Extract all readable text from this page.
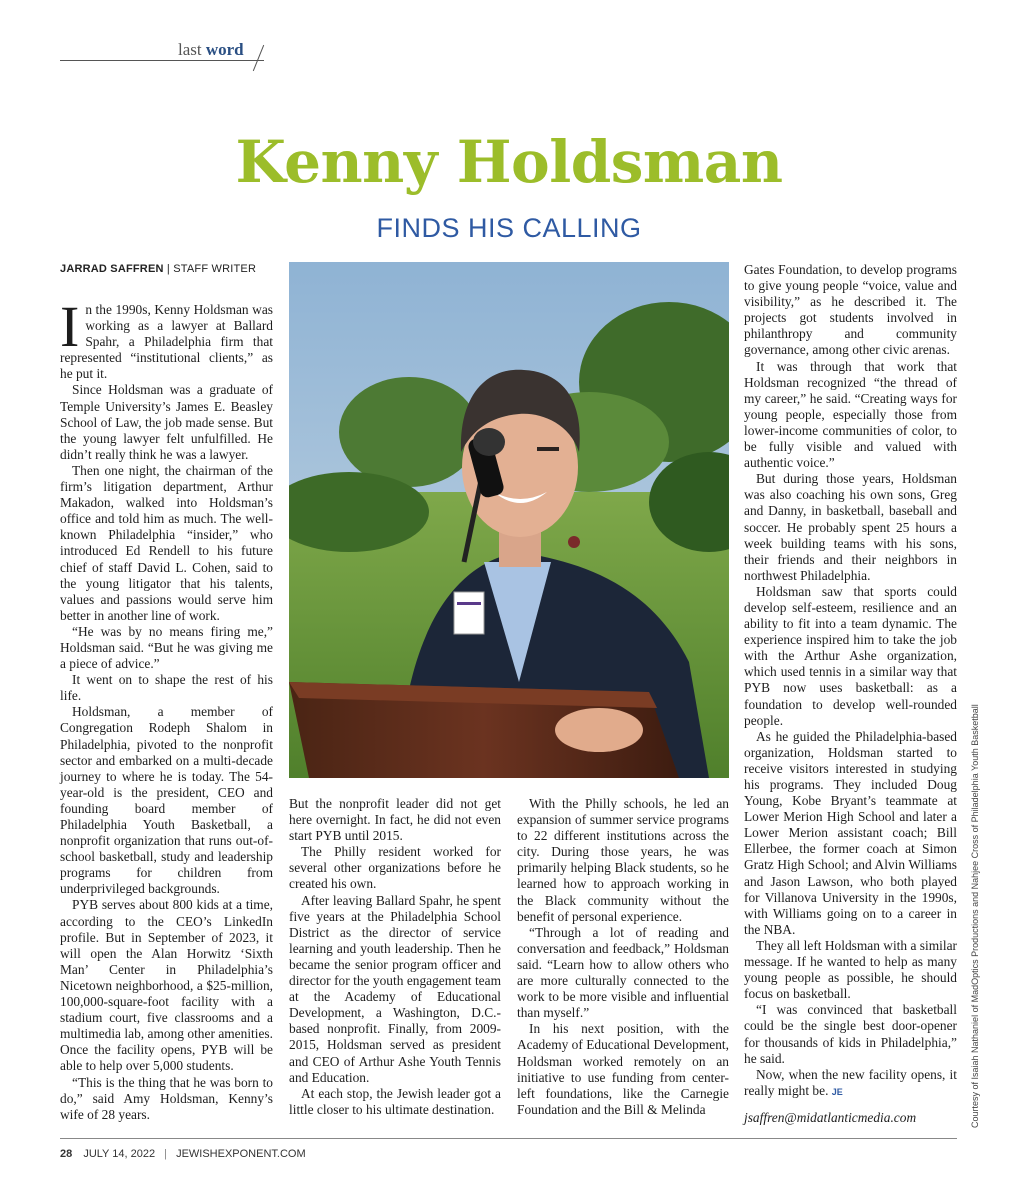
last word
Kenny Holdsman
FINDS HIS CALLING
JARRAD SAFFREN | STAFF WRITER

In the 1990s, Kenny Holdsman was working as a lawyer at Ballard Spahr, a Philadelphia firm that represented “institutional clients,” as he put it.

Since Holdsman was a graduate of Temple University’s James E. Beasley School of Law, the job made sense. But the young lawyer felt unfulfilled. He didn’t really think he was a lawyer.

Then one night, the chairman of the firm’s litigation department, Arthur Makadon, walked into Holdsman’s office and told him as much. The well-known Philadelphia “insider,” who introduced Ed Rendell to his future chief of staff David L. Cohen, said to the young litigator that his talents, values and passions would serve him better in another line of work.

“He was by no means firing me,” Holdsman said. “But he was giving me a piece of advice.”

It went on to shape the rest of his life.

Holdsman, a member of Congregation Rodeph Shalom in Philadelphia, pivoted to the nonprofit sector and embarked on a multi-decade journey to where he is today. The 54-year-old is the president, CEO and founding board member of Philadelphia Youth Basketball, a nonprofit organization that runs out-of-school basketball, study and leadership programs for children from underprivileged backgrounds.

PYB serves about 800 kids at a time, according to the CEO’s LinkedIn profile. But in September of 2023, it will open the Alan Horwitz ‘Sixth Man’ Center in Philadelphia’s Nicetown neighborhood, a $25-million, 100,000-square-foot facility with a stadium court, five classrooms and a multimedia lab, among other amenities. Once the facility opens, PYB will be able to help over 5,000 students.

“This is the thing that he was born to do,” said Amy Holdsman, Kenny’s wife of 28 years.

But the nonprofit leader did not get here overnight. In fact, he did not even start PYB until 2015.

The Philly resident worked for several other organizations before he created his own.

After leaving Ballard Spahr, he spent five years at the Philadelphia School District as the director of service learning and youth leadership. Then he became the senior program officer and director for the youth engagement team at the Academy of Educational Development, a Washington, D.C.-based nonprofit. Finally, from 2009-2015, Holdsman served as president and CEO of Arthur Ashe Youth Tennis and Education.

At each stop, the Jewish leader got a little closer to his ultimate destination.

With the Philly schools, he led an expansion of summer service programs to 22 different institutions across the city. During those years, he was primarily helping Black students, so he learned how to approach working in the Black community without the benefit of personal experience.

“Through a lot of reading and conversation and feedback,” Holdsman said. “Learn how to allow others who are more culturally connected to the work to be more visible and influential than myself.”

In his next position, with the Academy of Educational Development, Holdsman worked remotely on an initiative to use funding from center-left foundations, like the Carnegie Foundation and the Bill & Melinda

Gates Foundation, to develop programs to give young people “voice, value and visibility,” as he described it. The projects got students involved in philanthropy and community governance, among other civic arenas.

It was through that work that Holdsman recognized “the thread of my career,” he said. “Creating ways for young people, especially those from lower-income communities of color, to be fully visible and valued with authentic voice.”

But during those years, Holdsman was also coaching his own sons, Greg and Danny, in basketball, baseball and soccer. He probably spent 25 hours a week building teams with his sons, their friends and their neighbors in northwest Philadelphia.

Holdsman saw that sports could develop self-esteem, resilience and an ability to fit into a team dynamic. The experience inspired him to take the job with the Arthur Ashe organization, which used tennis in a similar way that PYB now uses basketball: as a foundation to develop well-rounded people.

As he guided the Philadelphia-based organization, Holdsman started to receive visitors interested in studying his programs. They included Doug Young, Kobe Bryant’s teammate at Lower Merion High School and later a Lower Merion assistant coach; Bill Ellerbee, the former coach at Simon Gratz High School; and Alvin Williams and Jason Lawson, who both played for Villanova University in the 1990s, with Williams going on to a career in the NBA.

They all left Holdsman with a similar message. If he wanted to help as many young people as possible, he should focus on basketball.

“I was convinced that basketball could be the single best door-opener for thousands of kids in Philadelphia,” he said.

Now, when the new facility opens, it really might be. JE

jsaffren@midatlanticmedia.com	Courtesy of Isaiah Nathaniel of MadOptics Productions and Nahjee Cross of Philadelphia Youth Basketball
28 JULY 14, 2022 | JEWISHEXPONENT.COM
